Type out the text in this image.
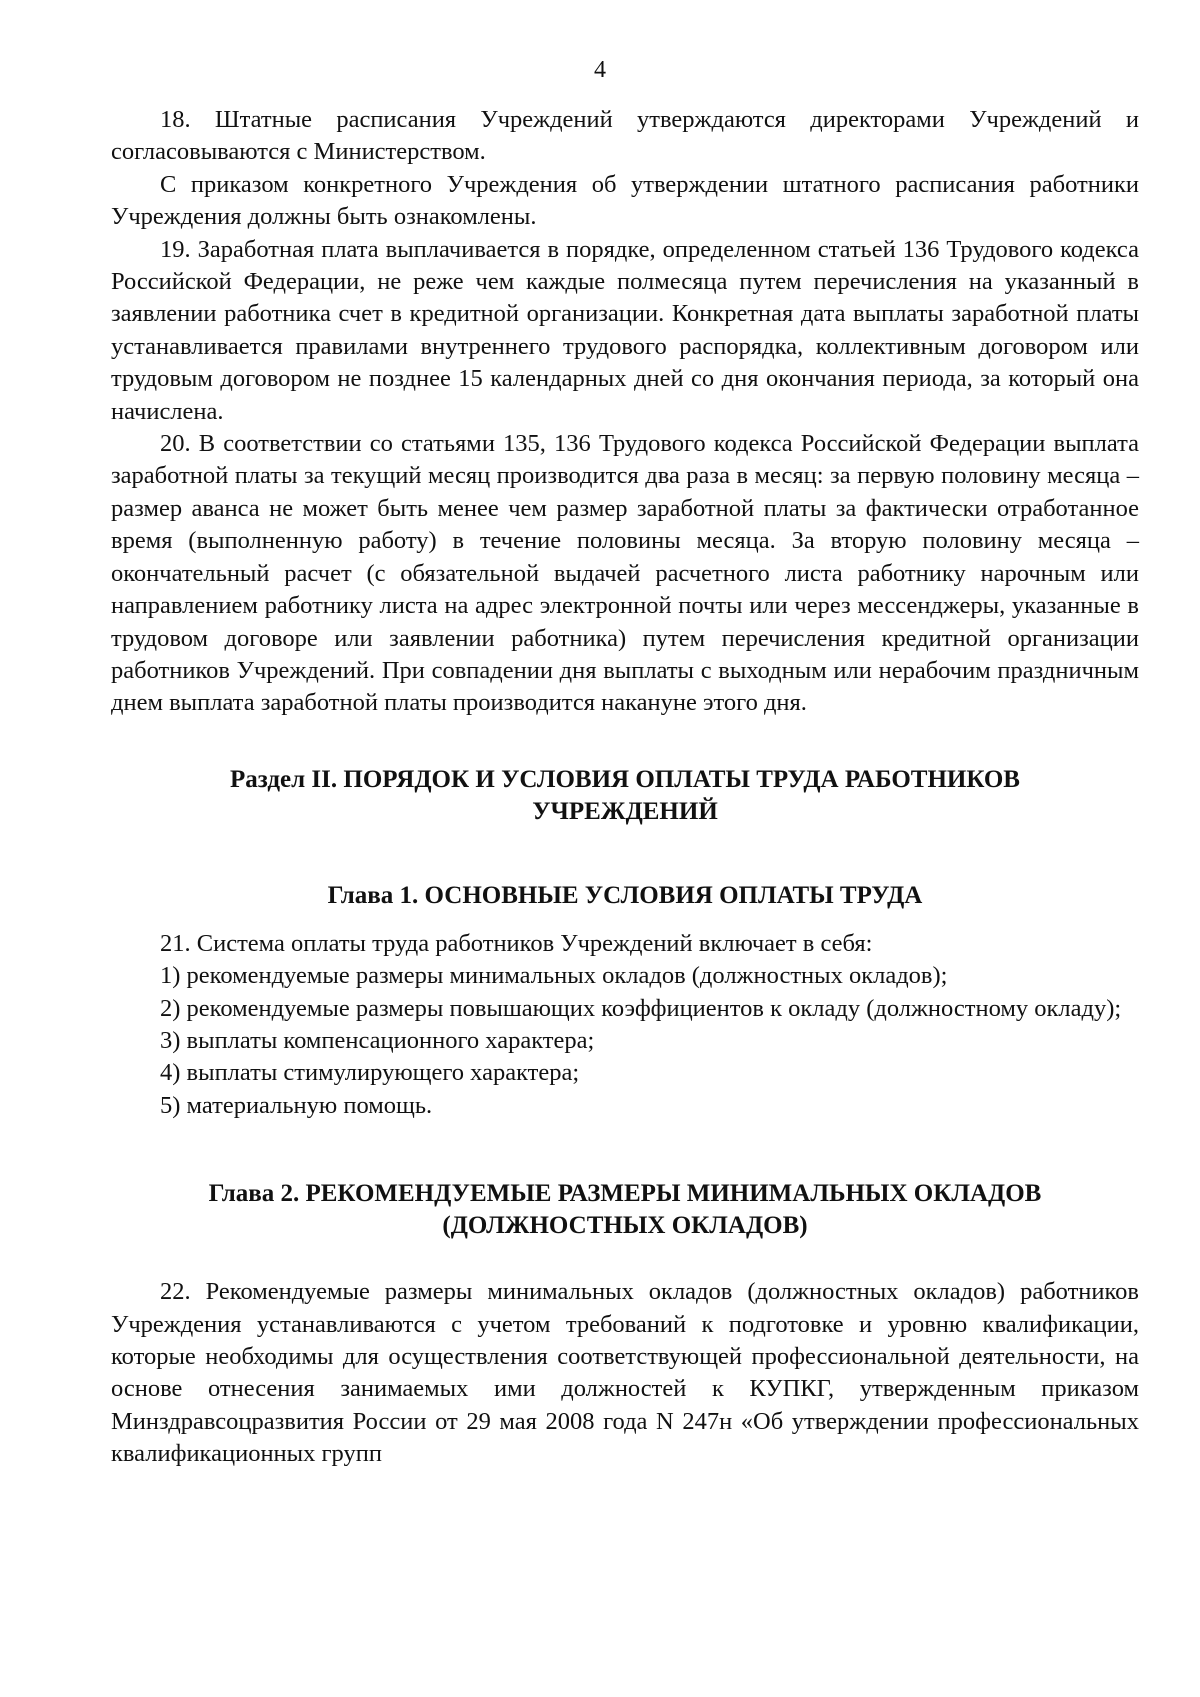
4

18. Штатные расписания Учреждений утверждаются директорами Учреждений и согласовываются с Министерством.

С приказом конкретного Учреждения об утверждении штатного расписания работники Учреждения должны быть ознакомлены.

19. Заработная плата выплачивается в порядке, определенном статьей 136 Трудового кодекса Российской Федерации, не реже чем каждые полмесяца путем перечисления на указанный в заявлении работника счет в кредитной организации. Конкретная дата выплаты заработной платы устанавливается правилами внутреннего трудового распорядка, коллективным договором или трудовым договором не позднее 15 календарных дней со дня окончания периода, за который она начислена.

20. В соответствии со статьями 135, 136 Трудового кодекса Российской Федерации выплата заработной платы за текущий месяц производится два раза в месяц: за первую половину месяца – размер аванса не может быть менее чем размер заработной платы за фактически отработанное время (выполненную работу) в течение половины месяца. За вторую половину месяца – окончательный расчет (с обязательной выдачей расчетного листа работнику нарочным или направлением работнику листа на адрес электронной почты или через мессенджеры, указанные в трудовом договоре или заявлении работника) путем перечисления кредитной организации работников Учреждений. При совпадении дня выплаты с выходным или нерабочим праздничным днем выплата заработной платы производится накануне этого дня.

Раздел II. ПОРЯДОК И УСЛОВИЯ ОПЛАТЫ ТРУДА РАБОТНИКОВ
УЧРЕЖДЕНИЙ
Глава 1. ОСНОВНЫЕ УСЛОВИЯ ОПЛАТЫ ТРУДА

21. Система оплаты труда работников Учреждений включает в себя:

1) рекомендуемые размеры минимальных окладов (должностных окладов);

2) рекомендуемые размеры повышающих коэффициентов к окладу (должностному окладу);

3) выплаты компенсационного характера;

4) выплаты стимулирующего характера;

5) материальную помощь.

Глава 2. РЕКОМЕНДУЕМЫЕ РАЗМЕРЫ МИНИМАЛЬНЫХ ОКЛАДОВ
(ДОЛЖНОСТНЫХ ОКЛАДОВ)

22. Рекомендуемые размеры минимальных окладов (должностных окладов) работников Учреждения устанавливаются с учетом требований к подготовке и уровню квалификации, которые необходимы для осуществления соответствующей профессиональной деятельности, на основе отнесения занимаемых ими должностей к КУПКГ, утвержденным приказом Минздравсоцразвития России от 29 мая 2008 года N 247н «Об утверждении профессиональных квалификационных групп
